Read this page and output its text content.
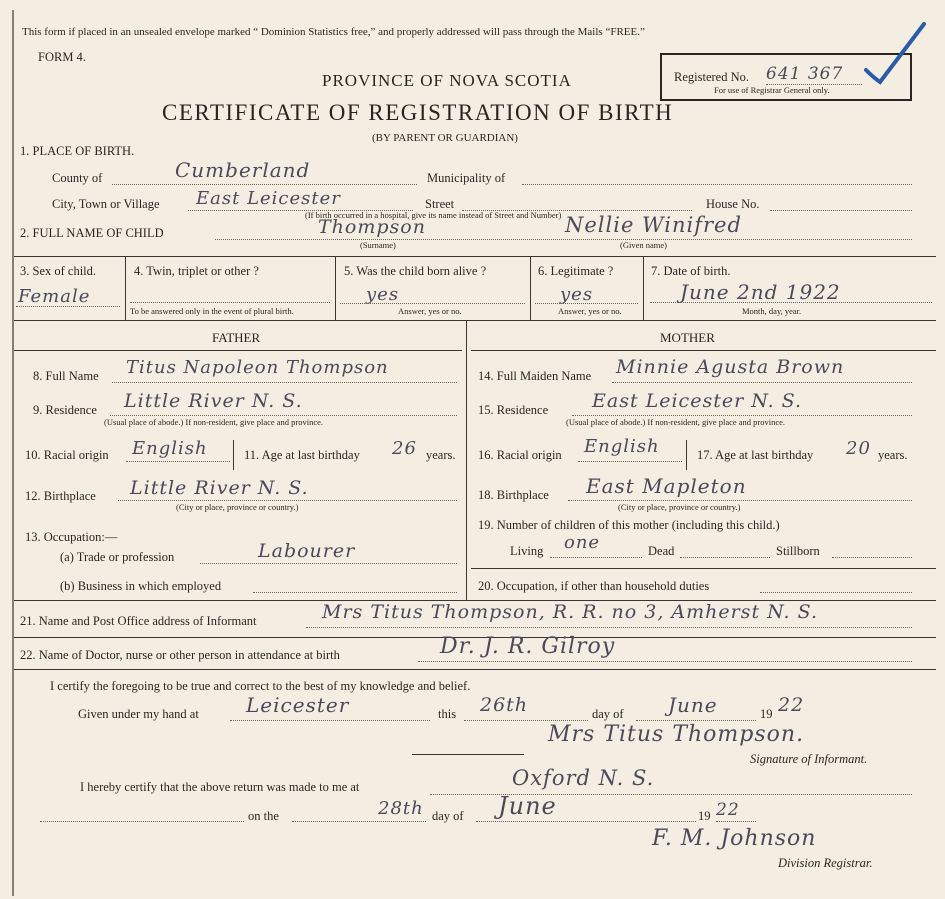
This form if placed in an unsealed envelope marked “ Dominion Statistics free,” and properly addressed will pass through the Mails “FREE.”
FORM 4.
PROVINCE OF NOVA SCOTIA
CERTIFICATE OF REGISTRATION OF BIRTH
(BY PARENT OR GUARDIAN)
Registered No. 641 367
For use of Registrar General only.
1. PLACE OF BIRTH.
County of	Cumberland	Municipality of
City, Town or Village East Leicester	Street	House No.
(If birth occurred in a hospital, give its name instead of Street and Number)
2. FULL NAME OF CHILD	Thompson	Nellie Winifred
(Surname)	(Given name)
3. Sex of child.
Female
4. Twin, triplet or other ?
To be answered only in the event of plural birth.
5. Was the child born alive ?
yes
Answer, yes or no.
6. Legitimate ?
yes
Answer, yes or no.
7. Date of birth.
June 2nd 1922
Month, day, year.
FATHER	MOTHER
8. Full Name Titus Napoleon Thompson
9. Residence Little River N. S.
(Usual place of abode.) If non-resident, give place and province.
10. Racial origin English	11. Age at last birthday 26 years.
12. Birthplace Little River N. S.
(City or place, province or country.)
13. Occupation:—
(a) Trade or profession	Labourer
(b) Business in which employed
14. Full Maiden Name Minnie Agusta Brown
15. Residence East Leicester N. S.
(Usual place of abode.) If non-resident, give place and province.
16. Racial origin English	17. Age at last birthday 20 years.
18. Birthplace East Mapleton
(City or place, province or country.)
19. Number of children of this mother (including this child.)
Living one	Dead	Stillborn
20. Occupation, if other than household duties
21. Name and Post Office address of Informant	Mrs Titus Thompson, R. R. no 3, Amherst N. S.
22. Name of Doctor, nurse or other person in attendance at birth	Dr. J. R. Gilroy
I certify the foregoing to be true and correct to the best of my knowledge and belief.
Given under my hand at Leicester	this 26th	day of June	19 22
Mrs Titus Thompson.
Signature of Informant.
I hereby certify that the above return was made to me at	Oxford N. S.
on the	28th day of June	19 22
F. M. Johnson
Division Registrar.
